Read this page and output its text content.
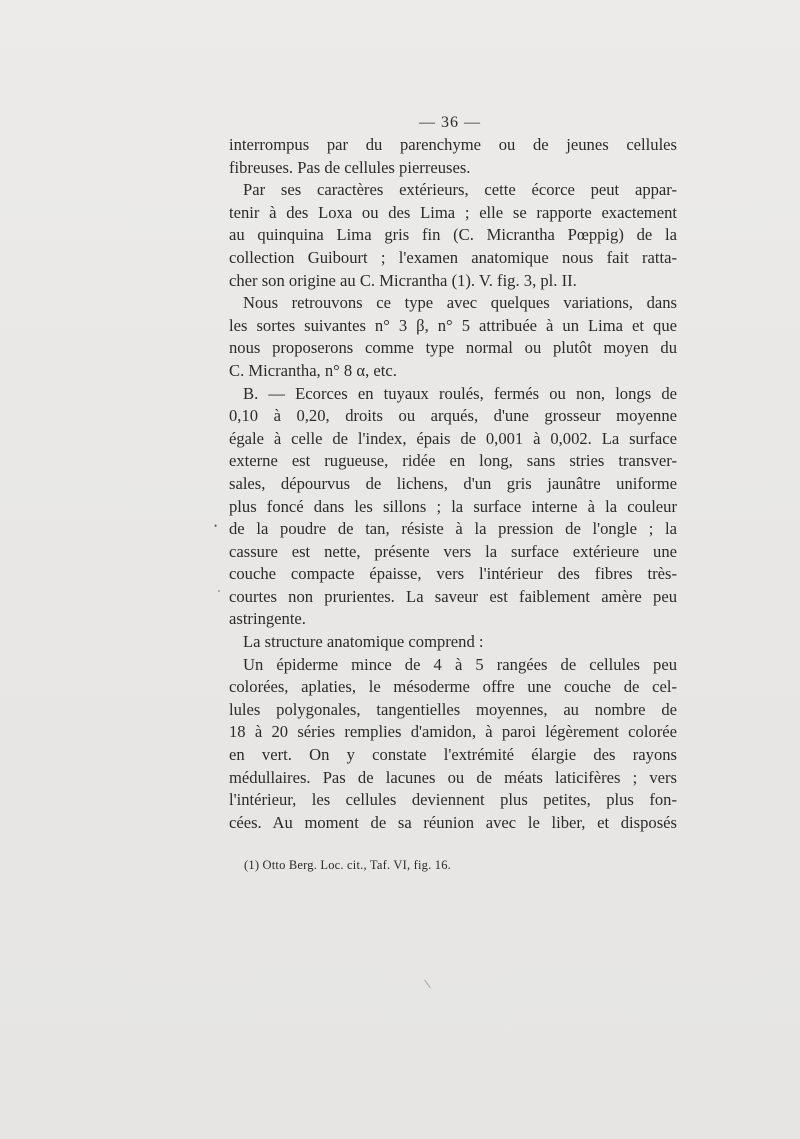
— 36 —
interrompus par du parenchyme ou de jeunes cellules
fibreuses. Pas de cellules pierreuses.
Par ses caractères extérieurs, cette écorce peut appar-
tenir à des Loxa ou des Lima ; elle se rapporte exactement
au quinquina Lima gris fin (C. Micrantha Pœppig) de la
collection Guibourt ; l'examen anatomique nous fait ratta-
cher son origine au C. Micrantha (1). V. fig. 3, pl. II.
Nous retrouvons ce type avec quelques variations, dans
les sortes suivantes n° 3 β, n° 5 attribuée à un Lima et que
nous proposerons comme type normal ou plutôt moyen du
C. Micrantha, n° 8 α, etc.
B. — Ecorces en tuyaux roulés, fermés ou non, longs de
0,10 à 0,20, droits ou arqués, d'une grosseur moyenne
égale à celle de l'index, épais de 0,001 à 0,002. La surface
externe est rugueuse, ridée en long, sans stries transver-
sales, dépourvus de lichens, d'un gris jaunâtre uniforme
plus foncé dans les sillons ; la surface interne à la couleur
de la poudre de tan, résiste à la pression de l'ongle ; la
cassure est nette, présente vers la surface extérieure une
couche compacte épaisse, vers l'intérieur des fibres très-
courtes non prurientes. La saveur est faiblement amère peu
astringente.
La structure anatomique comprend :
Un épiderme mince de 4 à 5 rangées de cellules peu
colorées, aplaties, le mésoderme offre une couche de cel-
lules polygonales, tangentielles moyennes, au nombre de
18 à 20 séries remplies d'amidon, à paroi légèrement colorée
en vert. On y constate l'extrémité élargie des rayons
médullaires. Pas de lacunes ou de méats laticifères ; vers
l'intérieur, les cellules deviennent plus petites, plus fon-
cées. Au moment de sa réunion avec le liber, et disposés
•
(1) Otto Berg. Loc. cit., Taf. VI, fig. 16.
